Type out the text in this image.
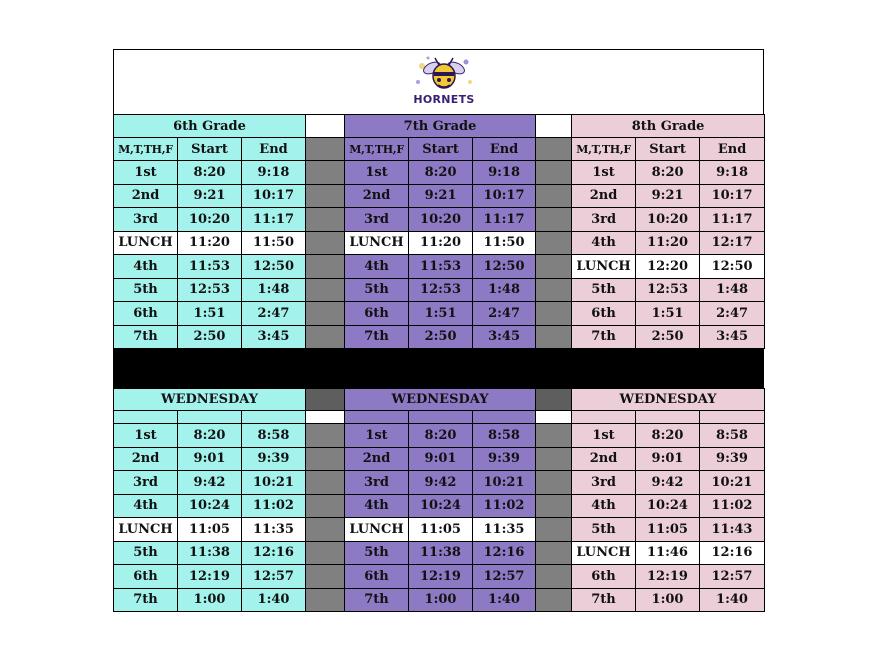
HORNETS
6th Grade				7th Grade				8th Grade		
M,T,TH,F	Start	End		M,T,TH,F	Start	End		M,T,TH,F	Start	End
1st	8:20	9:18		1st	8:20	9:18		1st	8:20	9:18
2nd	9:21	10:17		2nd	9:21	10:17		2nd	9:21	10:17
3rd	10:20	11:17		3rd	10:20	11:17		3rd	10:20	11:17
LUNCH	11:20	11:50		LUNCH	11:20	11:50		4th	11:20	12:17
4th	11:53	12:50		4th	11:53	12:50		LUNCH	12:20	12:50
5th	12:53	1:48		5th	12:53	1:48		5th	12:53	1:48
6th	1:51	2:47		6th	1:51	2:47		6th	1:51	2:47
7th	2:50	3:45		7th	2:50	3:45		7th	2:50	3:45
WEDNESDAY				WEDNESDAY				WEDNESDAY		

1st	8:20	8:58		1st	8:20	8:58		1st	8:20	8:58
2nd	9:01	9:39		2nd	9:01	9:39		2nd	9:01	9:39
3rd	9:42	10:21		3rd	9:42	10:21		3rd	9:42	10:21
4th	10:24	11:02		4th	10:24	11:02		4th	10:24	11:02
LUNCH	11:05	11:35		LUNCH	11:05	11:35		5th	11:05	11:43
5th	11:38	12:16		5th	11:38	12:16		LUNCH	11:46	12:16
6th	12:19	12:57		6th	12:19	12:57		6th	12:19	12:57
7th	1:00	1:40		7th	1:00	1:40		7th	1:00	1:40
